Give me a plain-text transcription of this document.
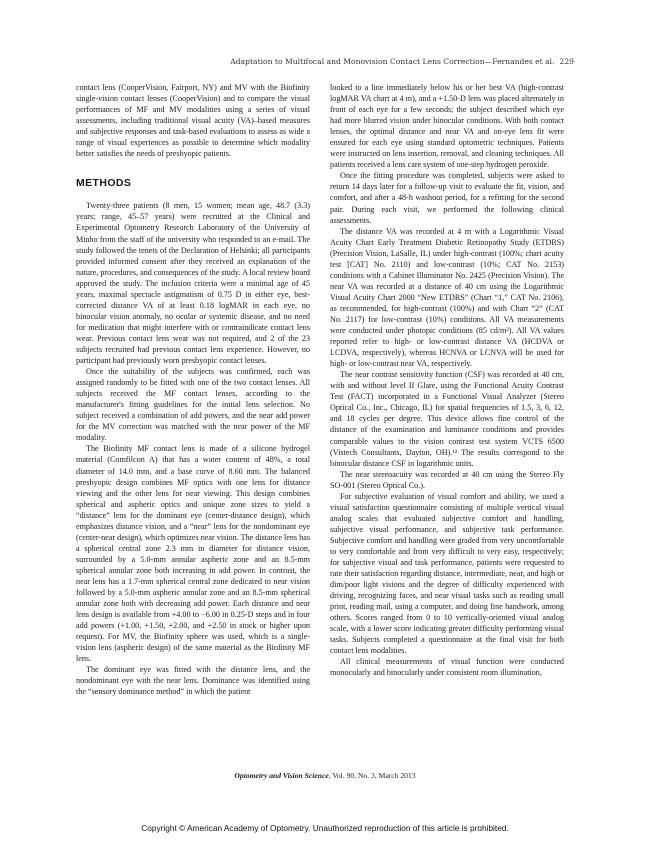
Adaptation to Multifocal and Monovision Contact Lens Correction—Fernandes et al. 229

contact lens (CooperVision, Fairport, NY) and MV with the Biofinity single-vision contact lenses (CooperVision) and to compare the visual performances of MF and MV modalities using a series of visual assessments, including traditional visual acuity (VA)–based measures and subjective responses and task-based evaluations to assess as wide a range of visual experiences as possible to determine which modality better satisfies the needs of presbyopic patients.

METHODS

Twenty-three patients (8 men, 15 women; mean age, 48.7 (3.3) years; range, 45–57 years) were recruited at the Clinical and Experimental Optometry Research Laboratory of the University of Minho from the staff of the university who responded to an e-mail. The study followed the tenets of the Declaration of Helsinki; all participants provided informed consent after they received an explanation of the nature, procedures, and consequences of the study. A local review board approved the study. The inclusion criteria were a minimal age of 45 years, maximal spectacle astigmatism of 0.75 D in either eye, best-corrected distance VA of at least 0.18 logMAR in each eye, no binocular vision anomaly, no ocular or systemic disease, and no need for medication that might interfere with or contraindicate contact lens wear. Previous contact lens wear was not required, and 2 of the 23 subjects recruited had previous contact lens experience. However, no participant had previously worn presbyopic contact lenses.

Once the suitability of the subjects was confirmed, each was assigned randomly to be fitted with one of the two contact lenses. All subjects received the MF contact lenses, according to the manufacturer's fitting guidelines for the initial lens selection. No subject received a combination of add powers, and the near add power for the MV correction was matched with the near power of the MF modality.

The Biofinity MF contact lens is made of a silicone hydrogel material (Comfilcon A) that has a water content of 48%, a total diameter of 14.0 mm, and a base curve of 8.60 mm. The balanced presbyopic design combines MF optics with one lens for distance viewing and the other lens for near viewing. This design combines spherical and aspheric optics and unique zone sizes to yield a “distance” lens for the dominant eye (center-distance design), which emphasizes distance vision, and a “near” lens for the nondominant eye (center-near design), which optimizes near vision. The distance lens has a spherical central zone 2.3 mm in diameter for distance vision, surrounded by a 5.0-mm annular aspheric zone and an 8.5-mm spherical annular zone both increasing in add power. In contrast, the near lens has a 1.7-mm spherical central zone dedicated to near vision followed by a 5.0-mm aspheric annular zone and an 8.5-mm spherical annular zone both with decreasing add power. Each distance and near lens design is available from +4.00 to −6.00 in 0.25-D steps and in four add powers (+1.00, +1.50, +2.00, and +2.50 in stock or higher upon request). For MV, the Biofinity sphere was used, which is a single-vision lens (aspheric design) of the same material as the Biofinity MF lens.

The dominant eye was fitted with the distance lens, and the nondominant eye with the near lens. Dominance was identified using the “sensory dominance method” in which the patient

looked to a line immediately below his or her best VA (high-contrast logMAR VA chart at 4 m), and a +1.50-D lens was placed alternately in front of each eye for a few seconds; the subject described which eye had more blurred vision under binocular conditions. With both contact lenses, the optimal distance and near VA and on-eye lens fit were ensured for each eye using standard optometric techniques. Patients were instructed on lens insertion, removal, and cleaning techniques. All patients received a lens care system of one-step hydrogen peroxide.

Once the fitting procedure was completed, subjects were asked to return 14 days later for a follow-up visit to evaluate the fit, vision, and comfort, and after a 48-h washout period, for a refitting for the second pair. During each visit, we performed the following clinical assessments.

The distance VA was recorded at 4 m with a Logarithmic Visual Acuity Chart Early Treatment Diabetic Retinopathy Study (ETDRS) (Precision Vision, LaSalle, IL) under high-contrast (100%; chart acuity test [CAT] No. 2110) and low-contrast (10%; CAT No. 2153) conditions with a Cabinet Illuminator No. 2425 (Precision Vision). The near VA was recorded at a distance of 40 cm using the Logarithmic Visual Acuity Chart 2000 “New ETDRS” (Chart “1,” CAT No. 2106), as recommended, for high-contrast (100%) and with Chart “2” (CAT No. 2117) for low-contrast (10%) conditions. All VA measurements were conducted under photopic conditions (85 cd/m²). All VA values reported refer to high- or low-contrast distance VA (HCDVA or LCDVA, respectively), whereas HCNVA or LCNVA will be used for high- or low-contrast near VA, respectively.

The near contrast sensitivity function (CSF) was recorded at 40 cm, with and without level II Glare, using the Functional Acuity Contrast Test (FACT) incorporated in a Functional Visual Analyzer (Stereo Optical Co., Inc., Chicago, IL) for spatial frequencies of 1.5, 3, 6, 12, and 18 cycles per degree. This device allows fine control of the distance of the examination and luminance conditions and provides comparable values to the vision contrast test system VCTS 6500 (Vistech Consultants, Dayton, OH).¹² The results correspond to the binocular distance CSF in logarithmic units.

The near stereoacuity was recorded at 40 cm using the Stereo Fly SO-001 (Stereo Optical Co.).

For subjective evaluation of visual comfort and ability, we used a visual satisfaction questionnaire consisting of multiple vertical visual analog scales that evaluated subjective comfort and handling, subjective visual performance, and subjective task performance. Subjective comfort and handling were graded from very uncomfortable to very comfortable and from very difficult to very easy, respectively; for subjective visual and task performance, patients were requested to rate their satisfaction regarding distance, intermediate, near, and high or dim/poor light visions and the degree of difficulty experienced with driving, recognizing faces, and near visual tasks such as reading small print, reading mail, using a computer, and doing fine handwork, among others. Scores ranged from 0 to 10 vertically-oriented visual analog scale, with a lower score indicating greater difficulty performing visual tasks. Subjects completed a questionnaire at the final visit for both contact lens modalities.

All clinical measurements of visual function were conducted monocularly and binocularly under consistent room illumination,

Optometry and Vision Science, Vol. 90, No. 3, March 2013
Copyright © American Academy of Optometry. Unauthorized reproduction of this article is prohibited.
